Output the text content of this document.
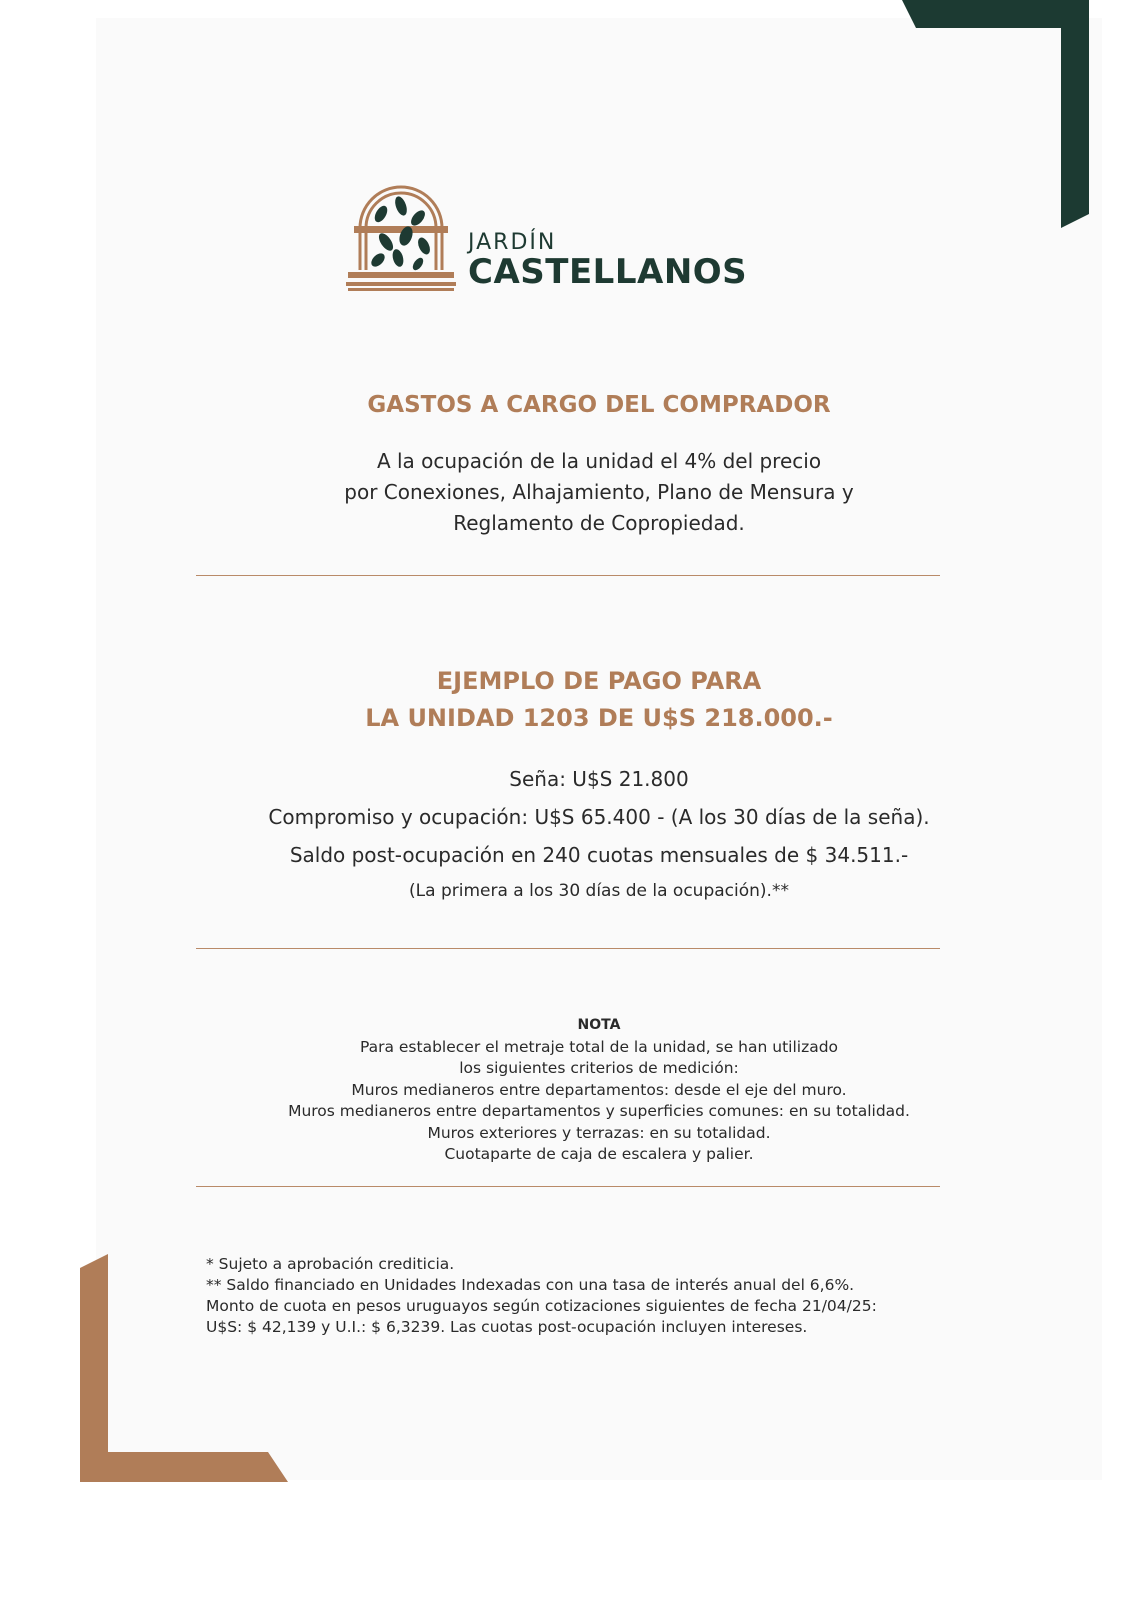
JARDÍN
CASTELLANOS
GASTOS A CARGO DEL COMPRADOR
A la ocupación de la unidad el 4% del precio
por Conexiones, Alhajamiento, Plano de Mensura y
Reglamento de Copropiedad.
EJEMPLO DE PAGO PARA
LA UNIDAD 1203 DE U$S 218.000.-
Seña: U$S 21.800
Compromiso y ocupación: U$S 65.400 - (A los 30 días de la seña).
Saldo post-ocupación en 240 cuotas mensuales de $ 34.511.-
(La primera a los 30 días de la ocupación).**
NOTA
Para establecer el metraje total de la unidad, se han utilizado
los siguientes criterios de medición:
Muros medianeros entre departamentos: desde el eje del muro.
Muros medianeros entre departamentos y superficies comunes: en su totalidad.
Muros exteriores y terrazas: en su totalidad.
Cuotaparte de caja de escalera y palier.
* Sujeto a aprobación crediticia.
** Saldo financiado en Unidades Indexadas con una tasa de interés anual del 6,6%.
Monto de cuota en pesos uruguayos según cotizaciones siguientes de fecha 21/04/25:
U$S: $ 42,139 y U.I.: $ 6,3239. Las cuotas post-ocupación incluyen intereses.
